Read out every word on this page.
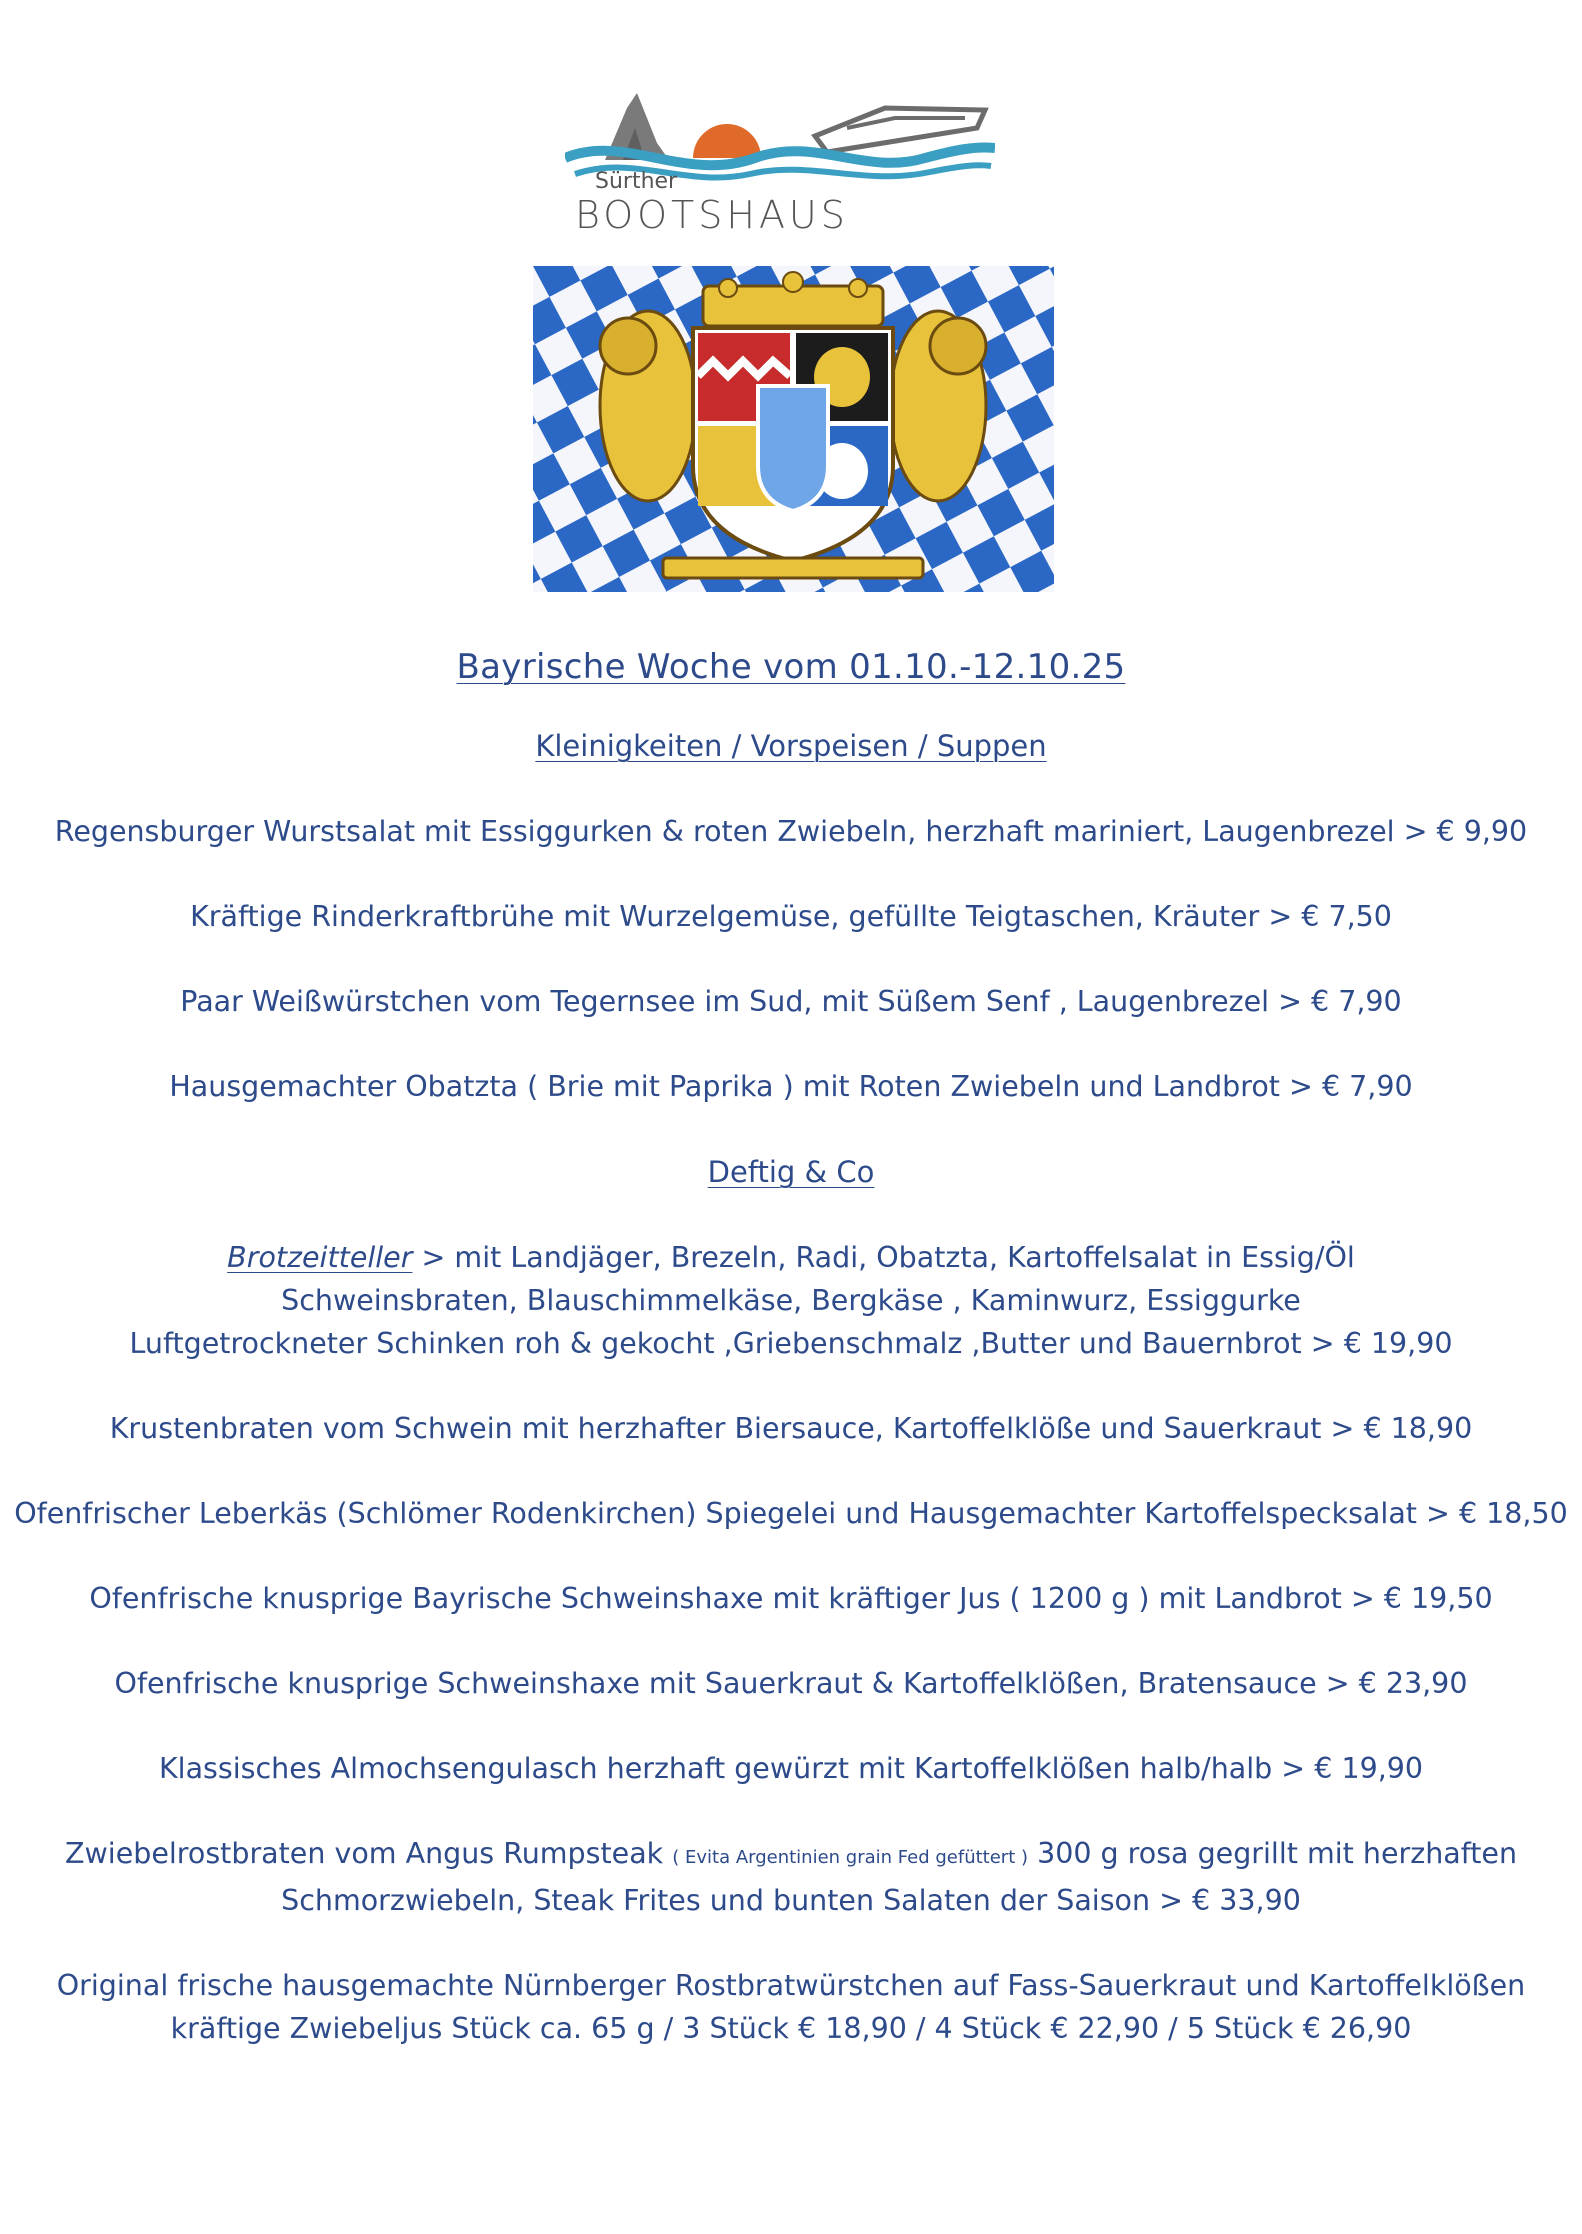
Sürther
BOOTSHAUS

Bayrische Woche vom 01.10.-12.10.25

Kleinigkeiten / Vorspeisen / Suppen

Regensburger Wurstsalat mit Essiggurken & roten Zwiebeln, herzhaft mariniert, Laugenbrezel > € 9,90

Kräftige Rinderkraftbrühe mit Wurzelgemüse, gefüllte Teigtaschen, Kräuter > € 7,50

Paar Weißwürstchen vom Tegernsee im Sud, mit Süßem Senf , Laugenbrezel > € 7,90

Hausgemachter Obatzta ( Brie mit Paprika ) mit Roten Zwiebeln und Landbrot > € 7,90

Deftig & Co

Brotzeitteller > mit Landjäger, Brezeln, Radi, Obatzta, Kartoffelsalat in Essig/Öl

Schweinsbraten, Blauschimmelkäse, Bergkäse , Kaminwurz, Essiggurke

Luftgetrockneter Schinken roh & gekocht ,Griebenschmalz ,Butter und Bauernbrot > € 19,90

Krustenbraten vom Schwein mit herzhafter Biersauce, Kartoffelklöße und Sauerkraut > € 18,90

Ofenfrischer Leberkäs (Schlömer Rodenkirchen) Spiegelei und Hausgemachter Kartoffelspecksalat > € 18,50

Ofenfrische knusprige Bayrische Schweinshaxe mit kräftiger Jus ( 1200 g ) mit Landbrot > € 19,50

Ofenfrische knusprige Schweinshaxe mit Sauerkraut & Kartoffelklößen, Bratensauce > € 23,90

Klassisches Almochsengulasch herzhaft gewürzt mit Kartoffelklößen halb/halb > € 19,90

Zwiebelrostbraten vom Angus Rumpsteak ( Evita Argentinien grain Fed gefüttert ) 300 g rosa gegrillt mit herzhaften

Schmorzwiebeln, Steak Frites und bunten Salaten der Saison > € 33,90

Original frische hausgemachte Nürnberger Rostbratwürstchen auf Fass-Sauerkraut und Kartoffelklößen

kräftige Zwiebeljus Stück ca. 65 g / 3 Stück € 18,90 / 4 Stück € 22,90 / 5 Stück € 26,90
